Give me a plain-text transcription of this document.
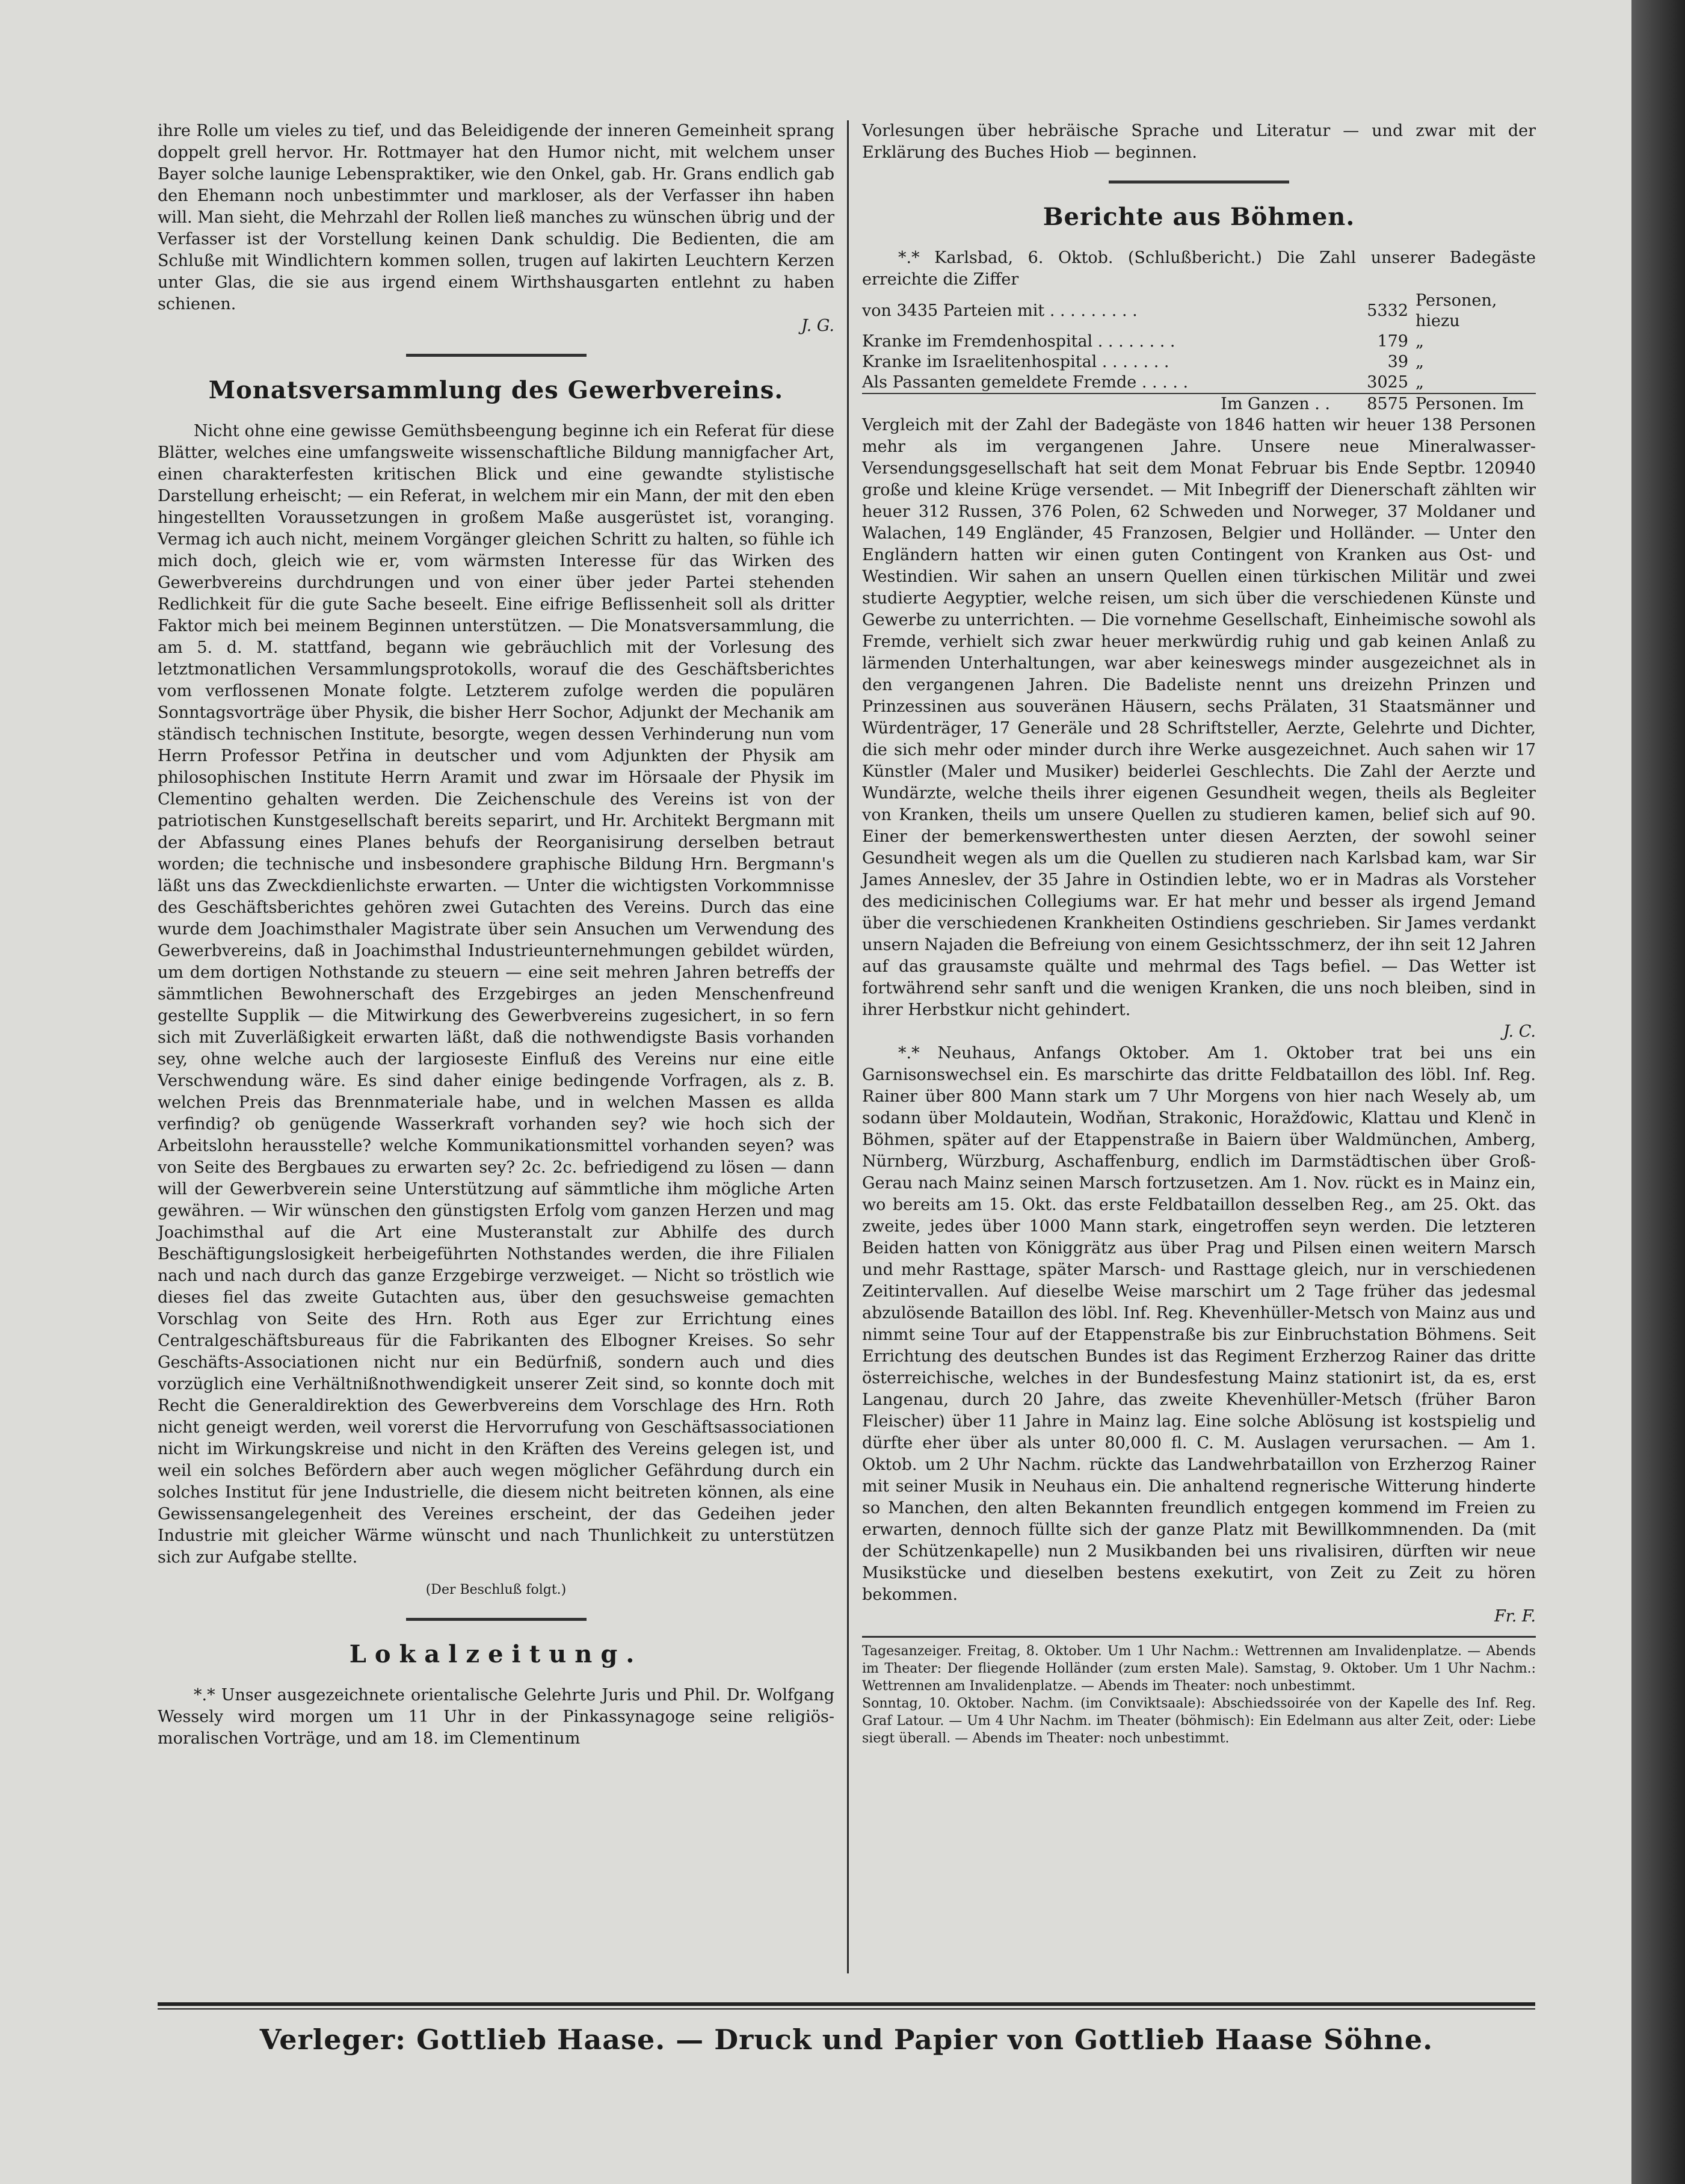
ihre Rolle um vieles zu tief, und das Beleidigende der inneren Gemeinheit sprang doppelt grell hervor. Hr. Rottmayer hat den Humor nicht, mit welchem unser Bayer solche launige Lebenspraktiker, wie den Onkel, gab. Hr. Grans endlich gab den Ehemann noch unbestimmter und markloser, als der Verfasser ihn haben will. Man sieht, die Mehrzahl der Rollen ließ manches zu wünschen übrig und der Verfasser ist der Vorstellung keinen Dank schuldig. Die Bedienten, die am Schluße mit Windlichtern kommen sollen, trugen auf lakirten Leuchtern Kerzen unter Glas, die sie aus irgend einem Wirthshausgarten entlehnt zu haben schienen.

J. G.

Monatsversammlung des Gewerbvereins.

Nicht ohne eine gewisse Gemüthsbeengung beginne ich ein Referat für diese Blätter, welches eine umfangsweite wissenschaftliche Bildung mannigfacher Art, einen charakterfesten kritischen Blick und eine gewandte stylistische Darstellung erheischt; — ein Referat, in welchem mir ein Mann, der mit den eben hingestellten Voraussetzungen in großem Maße ausgerüstet ist, voranging. Vermag ich auch nicht, meinem Vorgänger gleichen Schritt zu halten, so fühle ich mich doch, gleich wie er, vom wärmsten Interesse für das Wirken des Gewerbvereins durchdrungen und von einer über jeder Partei stehenden Redlichkeit für die gute Sache beseelt. Eine eifrige Beflissenheit soll als dritter Faktor mich bei meinem Beginnen unterstützen. — Die Monatsversammlung, die am 5. d. M. stattfand, begann wie gebräuchlich mit der Vorlesung des letztmonatlichen Versammlungsprotokolls, worauf die des Geschäftsberichtes vom verflossenen Monate folgte. Letzterem zufolge werden die populären Sonntagsvorträge über Physik, die bisher Herr Sochor, Adjunkt der Mechanik am ständisch technischen Institute, besorgte, wegen dessen Verhinderung nun vom Herrn Professor Petřina in deutscher und vom Adjunkten der Physik am philosophischen Institute Herrn Aramit und zwar im Hörsaale der Physik im Clementino gehalten werden. Die Zeichenschule des Vereins ist von der patriotischen Kunstgesellschaft bereits separirt, und Hr. Architekt Bergmann mit der Abfassung eines Planes behufs der Reorganisirung derselben betraut worden; die technische und insbesondere graphische Bildung Hrn. Bergmann's läßt uns das Zweckdienlichste erwarten. — Unter die wichtigsten Vorkommnisse des Geschäftsberichtes gehören zwei Gutachten des Vereins. Durch das eine wurde dem Joachimsthaler Magistrate über sein Ansuchen um Verwendung des Gewerbvereins, daß in Joachimsthal Industrieunternehmungen gebildet würden, um dem dortigen Nothstande zu steuern — eine seit mehren Jahren betreffs der sämmtlichen Bewohnerschaft des Erzgebirges an jeden Menschenfreund gestellte Supplik — die Mitwirkung des Gewerbvereins zugesichert, in so fern sich mit Zuverläßigkeit erwarten läßt, daß die nothwendigste Basis vorhanden sey, ohne welche auch der largioseste Einfluß des Vereins nur eine eitle Verschwendung wäre. Es sind daher einige bedingende Vorfragen, als z. B. welchen Preis das Brennmateriale habe, und in welchen Massen es allda verfindig? ob genügende Wasserkraft vorhanden sey? wie hoch sich der Arbeitslohn herausstelle? welche Kommunikationsmittel vorhanden seyen? was von Seite des Bergbaues zu erwarten sey? 2c. 2c. befriedigend zu lösen — dann will der Gewerbverein seine Unterstützung auf sämmtliche ihm mögliche Arten gewähren. — Wir wünschen den günstigsten Erfolg vom ganzen Herzen und mag Joachimsthal auf die Art eine Musteranstalt zur Abhilfe des durch Beschäftigungslosigkeit herbeigeführten Nothstandes werden, die ihre Filialen nach und nach durch das ganze Erzgebirge verzweiget. — Nicht so tröstlich wie dieses fiel das zweite Gutachten aus, über den gesuchsweise gemachten Vorschlag von Seite des Hrn. Roth aus Eger zur Errichtung eines Centralgeschäftsbureaus für die Fabrikanten des Elbogner Kreises. So sehr Geschäfts-Associationen nicht nur ein Bedürfniß, sondern auch und dies vorzüglich eine Verhältnißnothwendigkeit unserer Zeit sind, so konnte doch mit Recht die Generaldirektion des Gewerbvereins dem Vorschlage des Hrn. Roth nicht geneigt werden, weil vorerst die Hervorrufung von Geschäftsassociationen nicht im Wirkungskreise und nicht in den Kräften des Vereins gelegen ist, und weil ein solches Befördern aber auch wegen möglicher Gefährdung durch ein solches Institut für jene Industrielle, die diesem nicht beitreten können, als eine Gewissensangelegenheit des Vereines erscheint, der das Gedeihen jeder Industrie mit gleicher Wärme wünscht und nach Thunlichkeit zu unterstützen sich zur Aufgabe stellte.

(Der Beschluß folgt.)

Lokalzeitung.

*.* Unser ausgezeichnete orientalische Gelehrte Juris und Phil. Dr. Wolfgang Wessely wird morgen um 11 Uhr in der Pinkassynagoge seine religiös-moralischen Vorträge, und am 18. im Clementinum

Vorlesungen über hebräische Sprache und Literatur — und zwar mit der Erklärung des Buches Hiob — beginnen.

Berichte aus Böhmen.

*.* Karlsbad, 6. Oktob. (Schlußbericht.) Die Zahl unserer Badegäste erreichte die Ziffer

von 3435 Parteien mit . . . . . . . . .	5332	Personen, hiezu
Kranke im Fremdenhospital . . . . . . . .	179	„
Kranke im Israelitenhospital . . . . . . .	39	„
Als Passanten gemeldete Fremde . . . . .	3025	„
Im Ganzen . .	8575	Personen. Im

Vergleich mit der Zahl der Badegäste von 1846 hatten wir heuer 138 Personen mehr als im vergangenen Jahre. Unsere neue Mineralwasser-Versendungsgesellschaft hat seit dem Monat Februar bis Ende Septbr. 120940 große und kleine Krüge versendet. — Mit Inbegriff der Dienerschaft zählten wir heuer 312 Russen, 376 Polen, 62 Schweden und Norweger, 37 Moldaner und Walachen, 149 Engländer, 45 Franzosen, Belgier und Holländer. — Unter den Engländern hatten wir einen guten Contingent von Kranken aus Ost- und Westindien. Wir sahen an unsern Quellen einen türkischen Militär und zwei studierte Aegyptier, welche reisen, um sich über die verschiedenen Künste und Gewerbe zu unterrichten. — Die vornehme Gesellschaft, Einheimische sowohl als Fremde, verhielt sich zwar heuer merkwürdig ruhig und gab keinen Anlaß zu lärmenden Unterhaltungen, war aber keineswegs minder ausgezeichnet als in den vergangenen Jahren. Die Badeliste nennt uns dreizehn Prinzen und Prinzessinen aus souveränen Häusern, sechs Prälaten, 31 Staatsmänner und Würdenträger, 17 Generäle und 28 Schriftsteller, Aerzte, Gelehrte und Dichter, die sich mehr oder minder durch ihre Werke ausgezeichnet. Auch sahen wir 17 Künstler (Maler und Musiker) beiderlei Geschlechts. Die Zahl der Aerzte und Wundärzte, welche theils ihrer eigenen Gesundheit wegen, theils als Begleiter von Kranken, theils um unsere Quellen zu studieren kamen, belief sich auf 90. Einer der bemerkenswerthesten unter diesen Aerzten, der sowohl seiner Gesundheit wegen als um die Quellen zu studieren nach Karlsbad kam, war Sir James Anneslev, der 35 Jahre in Ostindien lebte, wo er in Madras als Vorsteher des medicinischen Collegiums war. Er hat mehr und besser als irgend Jemand über die verschiedenen Krankheiten Ostindiens geschrieben. Sir James verdankt unsern Najaden die Befreiung von einem Gesichtsschmerz, der ihn seit 12 Jahren auf das grausamste quälte und mehrmal des Tags befiel. — Das Wetter ist fortwährend sehr sanft und die wenigen Kranken, die uns noch bleiben, sind in ihrer Herbstkur nicht gehindert.

J. C.

*.* Neuhaus, Anfangs Oktober. Am 1. Oktober trat bei uns ein Garnisonswechsel ein. Es marschirte das dritte Feldbataillon des löbl. Inf. Reg. Rainer über 800 Mann stark um 7 Uhr Morgens von hier nach Wesely ab, um sodann über Moldautein, Wodňan, Strakonic, Horažďowic, Klattau und Klenč in Böhmen, später auf der Etappenstraße in Baiern über Waldmünchen, Amberg, Nürnberg, Würzburg, Aschaffenburg, endlich im Darmstädtischen über Groß-Gerau nach Mainz seinen Marsch fortzusetzen. Am 1. Nov. rückt es in Mainz ein, wo bereits am 15. Okt. das erste Feldbataillon desselben Reg., am 25. Okt. das zweite, jedes über 1000 Mann stark, eingetroffen seyn werden. Die letzteren Beiden hatten von Königgrätz aus über Prag und Pilsen einen weitern Marsch und mehr Rasttage, später Marsch- und Rasttage gleich, nur in verschiedenen Zeitintervallen. Auf dieselbe Weise marschirt um 2 Tage früher das jedesmal abzulösende Bataillon des löbl. Inf. Reg. Khevenhüller-Metsch von Mainz aus und nimmt seine Tour auf der Etappenstraße bis zur Einbruchstation Böhmens. Seit Errichtung des deutschen Bundes ist das Regiment Erzherzog Rainer das dritte österreichische, welches in der Bundesfestung Mainz stationirt ist, da es, erst Langenau, durch 20 Jahre, das zweite Khevenhüller-Metsch (früher Baron Fleischer) über 11 Jahre in Mainz lag. Eine solche Ablösung ist kostspielig und dürfte eher über als unter 80,000 fl. C. M. Auslagen verursachen. — Am 1. Oktob. um 2 Uhr Nachm. rückte das Landwehrbataillon von Erzherzog Rainer mit seiner Musik in Neuhaus ein. Die anhaltend regnerische Witterung hinderte so Manchen, den alten Bekannten freundlich entgegen kommend im Freien zu erwarten, dennoch füllte sich der ganze Platz mit Bewillkommnenden. Da (mit der Schützenkapelle) nun 2 Musikbanden bei uns rivalisiren, dürften wir neue Musikstücke und dieselben bestens exekutirt, von Zeit zu Zeit zu hören bekommen.

Fr. F.

Tagesanzeiger. Freitag, 8. Oktober. Um 1 Uhr Nachm.: Wettrennen am Invalidenplatze. — Abends im Theater: Der fliegende Holländer (zum ersten Male). Samstag, 9. Oktober. Um 1 Uhr Nachm.: Wettrennen am Invalidenplatze. — Abends im Theater: noch unbestimmt.

Sonntag, 10. Oktober. Nachm. (im Conviktsaale): Abschiedssoirée von der Kapelle des Inf. Reg. Graf Latour. — Um 4 Uhr Nachm. im Theater (böhmisch): Ein Edelmann aus alter Zeit, oder: Liebe siegt überall. — Abends im Theater: noch unbestimmt.

Verleger: Gottlieb Haase. — Druck und Papier von Gottlieb Haase Söhne.
